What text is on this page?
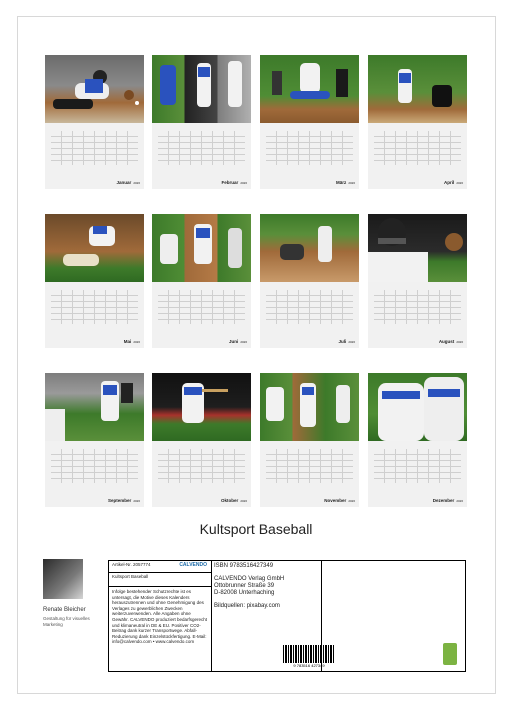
Januar 2026	Februar 2026	März 2026	April 2026
Mai 2026	Juni 2026	Juli 2026	August 2026
September 2026	Oktober 2026	November 2026	Dezember 2026
Kultsport Baseball
Renate Bleicher
Gestaltung für visuelles Marketing
Artikel-Nr. 2057774	CALVENDO
Kultsport Baseball
Infolge bestehender Schutzrechte ist es untersagt, die Motive dieses Kalenders herauszutrennen und ohne Genehmigung des Verlages zu gewerblichen Zwecken weiterzuverwenden. Alle Angaben ohne Gewähr. CALVENDO produziert bedarfsgerecht und klimaneutral in DE & EU. Positiver CO2-Beitrag dank kurzer Transportwege. Abfall-Reduzierung dank Einzelstückfertigung. E-Mail: info@calvendo.com • www.calvendo.com
ISBN 9783516427349
CALVENDO Verlag GmbH
Ottobrunner Straße 39
D-82008 Unterhaching
Bildquellen: pixabay.com
9 783516 427349
